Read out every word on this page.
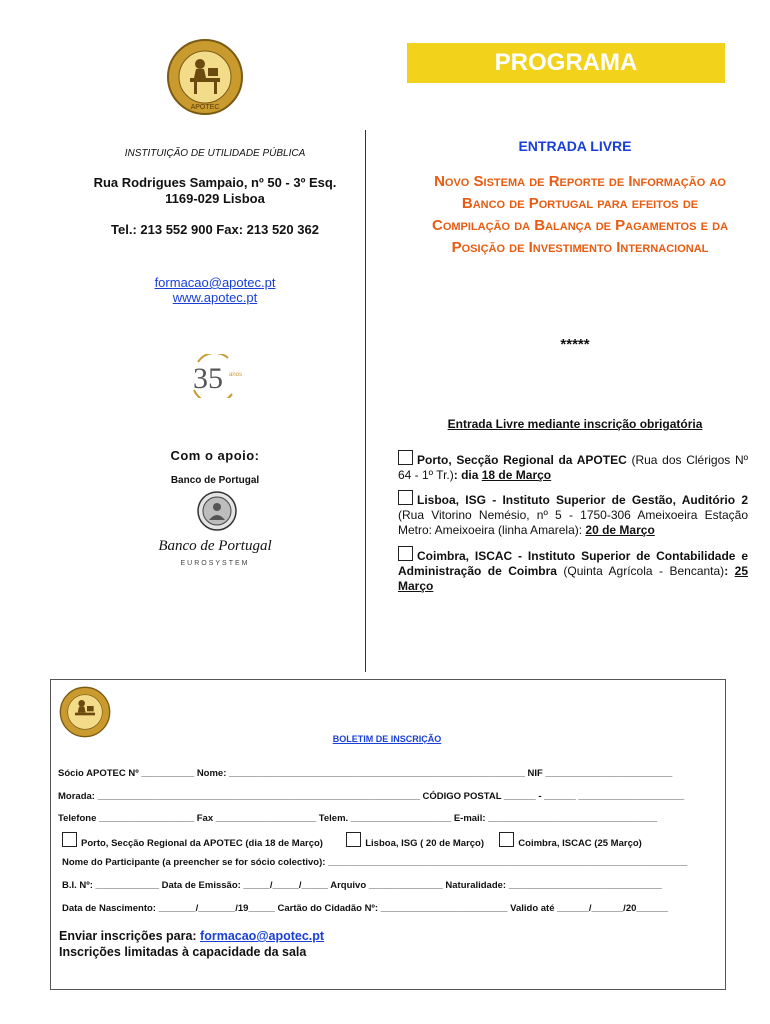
APOTEC
PROGRAMA
INSTITUIÇÃO DE UTILIDADE PÚBLICA
Rua Rodrigues Sampaio, nº 50 - 3º Esq.
1169-029 Lisboa
Tel.: 213 552 900 Fax: 213 520 362
formacao@apotec.pt
www.apotec.pt
35 anos
Com o apoio:
Banco de Portugal
Banco de Portugal
EUROSYSTEM
ENTRADA LIVRE
Novo Sistema de Reporte de Informação ao
Banco de Portugal para efeitos de
Compilação da Balança de Pagamentos e da
Posição de Investimento Internacional
*****
Entrada Livre mediante inscrição obrigatória
Porto, Secção Regional da APOTEC (Rua dos Clérigos Nº 64 - 1º Tr.): dia 18 de Março
Lisboa, ISG - Instituto Superior de Gestão, Auditório 2 (Rua Vitorino Nemésio, nº 5 - 1750-306 Ameixoeira Estação Metro: Ameixoeira (linha Amarela): 20 de Março
Coimbra, ISCAC - Instituto Superior de Contabilidade e Administração de Coimbra (Quinta Agrícola - Bencanta): 25 Março
BOLETIM DE INSCRIÇÃO
Sócio APOTEC Nº __________ Nome: ________________________________________________________ NIF ________________________
Morada: _____________________________________________________________ CÓDIGO POSTAL ______ - ______ ____________________
Telefone __________________ Fax ___________________ Telem. ___________________ E-mail: ________________________________
Porto, Secção Regional da APOTEC (dia 18 de Março)	Lisboa, ISG ( 20 de Março)	Coimbra, ISCAC (25 Março)
Nome do Participante (a preencher se for sócio colectivo): ____________________________________________________________________
B.I. Nº: ____________ Data de Emissão: _____/_____/_____ Arquivo ______________ Naturalidade: _____________________________
Data de Nascimento: _______/_______/19_____ Cartão do Cidadão Nº: ________________________ Valido até ______/______/20______
Enviar inscrições para: formacao@apotec.pt
Inscrições limitadas à capacidade da sala
